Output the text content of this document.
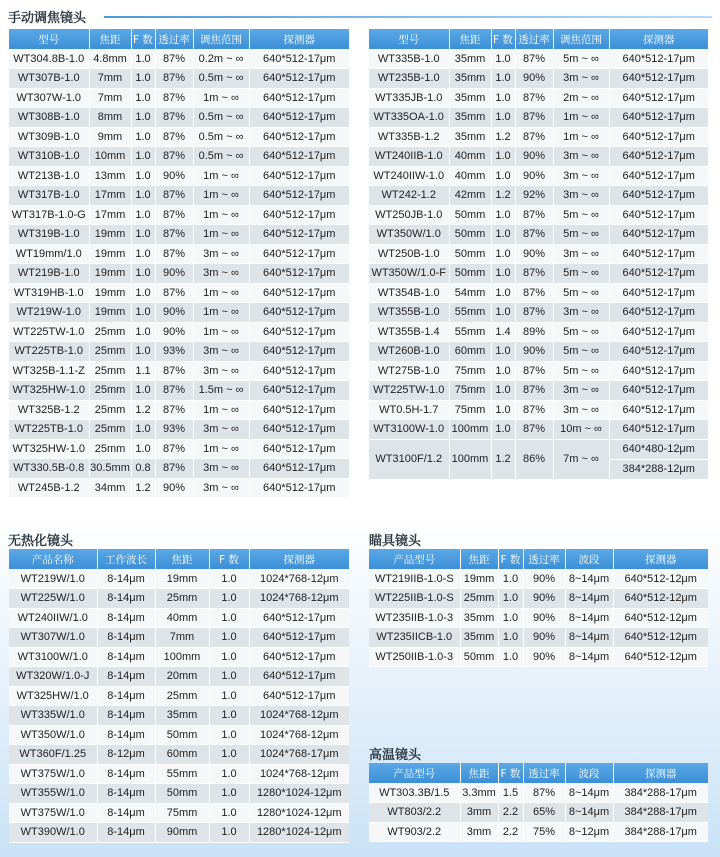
手动调焦镜头
型号	焦距	F 数	透过率	调焦范围	探测器
WT304.8B-1.0	4.8mm	1.0	87%	0.2m ~ ∞	640*512-17μm
WT307B-1.0	7mm	1.0	87%	0.5m ~ ∞	640*512-17μm
WT307W-1.0	7mm	1.0	87%	1m ~ ∞	640*512-17μm
WT308B-1.0	8mm	1.0	87%	0.5m ~ ∞	640*512-17μm
WT309B-1.0	9mm	1.0	87%	0.5m ~ ∞	640*512-17μm
WT310B-1.0	10mm	1.0	87%	0.5m ~ ∞	640*512-17μm
WT213B-1.0	13mm	1.0	90%	1m ~ ∞	640*512-17μm
WT317B-1.0	17mm	1.0	87%	1m ~ ∞	640*512-17μm
WT317B-1.0-G	17mm	1.0	87%	1m ~ ∞	640*512-17μm
WT319B-1.0	19mm	1.0	87%	1m ~ ∞	640*512-17μm
WT19mm/1.0	19mm	1.0	87%	3m ~ ∞	640*512-17μm
WT219B-1.0	19mm	1.0	90%	3m ~ ∞	640*512-17μm
WT319HB-1.0	19mm	1.0	87%	1m ~ ∞	640*512-17μm
WT219W-1.0	19mm	1.0	90%	1m ~ ∞	640*512-17μm
WT225TW-1.0	25mm	1.0	90%	1m ~ ∞	640*512-17μm
WT225TB-1.0	25mm	1.0	93%	3m ~ ∞	640*512-17μm
WT325B-1.1-Z	25mm	1.1	87%	3m ~ ∞	640*512-17μm
WT325HW-1.0	25mm	1.0	87%	1.5m ~ ∞	640*512-17μm
WT325B-1.2	25mm	1.2	87%	1m ~ ∞	640*512-17μm
WT225TB-1.0	25mm	1.0	93%	3m ~ ∞	640*512-17μm
WT325HW-1.0	25mm	1.0	87%	1m ~ ∞	640*512-17μm
WT330.5B-0.8	30.5mm	0.8	87%	3m ~ ∞	640*512-17μm
WT245B-1.2	34mm	1.2	90%	3m ~ ∞	640*512-17μm
型号	焦距	F 数	透过率	调焦范围	探测器
WT335B-1.0	35mm	1.0	87%	5m ~ ∞	640*512-17μm
WT235B-1.0	35mm	1.0	90%	3m ~ ∞	640*512-17μm
WT335JB-1.0	35mm	1.0	87%	2m ~ ∞	640*512-17μm
WT335OA-1.0	35mm	1.0	87%	1m ~ ∞	640*512-17μm
WT335B-1.2	35mm	1.2	87%	1m ~ ∞	640*512-17μm
WT240IIB-1.0	40mm	1.0	90%	3m ~ ∞	640*512-17μm
WT240IIW-1.0	40mm	1.0	90%	3m ~ ∞	640*512-17μm
WT242-1.2	42mm	1.2	92%	3m ~ ∞	640*512-17μm
WT250JB-1.0	50mm	1.0	87%	5m ~ ∞	640*512-17μm
WT350W/1.0	50mm	1.0	87%	5m ~ ∞	640*512-17μm
WT250B-1.0	50mm	1.0	90%	3m ~ ∞	640*512-17μm
WT350W/1.0-F	50mm	1.0	87%	5m ~ ∞	640*512-17μm
WT354B-1.0	54mm	1.0	87%	5m ~ ∞	640*512-17μm
WT355B-1.0	55mm	1.0	87%	3m ~ ∞	640*512-17μm
WT355B-1.4	55mm	1.4	89%	5m ~ ∞	640*512-17μm
WT260B-1.0	60mm	1.0	90%	5m ~ ∞	640*512-17μm
WT275B-1.0	75mm	1.0	87%	5m ~ ∞	640*512-17μm
WT225TW-1.0	75mm	1.0	87%	3m ~ ∞	640*512-17μm
WT0.5H-1.7	75mm	1.0	87%	3m ~ ∞	640*512-17μm
WT3100W-1.0	100mm	1.0	87%	10m ~ ∞	640*512-17μm
WT3100F/1.2	100mm	1.2	86%	7m ~ ∞	640*480-12μm
384*288-12μm
无热化镜头
产品名称	工作波长	焦距	F 数	探测器
WT219W/1.0	8-14μm	19mm	1.0	1024*768-12μm
WT225W/1.0	8-14μm	25mm	1.0	1024*768-12μm
WT240IIW/1.0	8-14μm	40mm	1.0	640*512-17μm
WT307W/1.0	8-14μm	7mm	1.0	640*512-17μm
WT3100W/1.0	8-14μm	100mm	1.0	640*512-17μm
WT320W/1.0-J	8-14μm	20mm	1.0	640*512-17μm
WT325HW/1.0	8-14μm	25mm	1.0	640*512-17μm
WT335W/1.0	8-14μm	35mm	1.0	1024*768-12μm
WT350W/1.0	8-14μm	50mm	1.0	1024*768-12μm
WT360F/1.25	8-12μm	60mm	1.0	1024*768-17μm
WT375W/1.0	8-14μm	55mm	1.0	1024*768-12μm
WT355W/1.0	8-14μm	50mm	1.0	1280*1024-12μm
WT375W/1.0	8-14μm	75mm	1.0	1280*1024-12μm
WT390W/1.0	8-14μm	90mm	1.0	1280*1024-12μm
瞄具镜头
产品型号	焦距	F 数	透过率	波段	探测器
WT219IIB-1.0-S	19mm	1.0	90%	8~14μm	640*512-12μm
WT225IIB-1.0-S	25mm	1.0	90%	8~14μm	640*512-12μm
WT235IIB-1.0-3	35mm	1.0	90%	8~14μm	640*512-12μm
WT235IICB-1.0	35mm	1.0	90%	8~14μm	640*512-12μm
WT250IIB-1.0-3	50mm	1.0	90%	8~14μm	640*512-12μm
高温镜头
产品型号	焦距	F 数	透过率	波段	探测器
WT303.3B/1.5	3.3mm	1.5	87%	8~14μm	384*288-17μm
WT803/2.2	3mm	2.2	65%	8~14μm	384*288-17μm
WT903/2.2	3mm	2.2	75%	8~12μm	384*288-17μm
